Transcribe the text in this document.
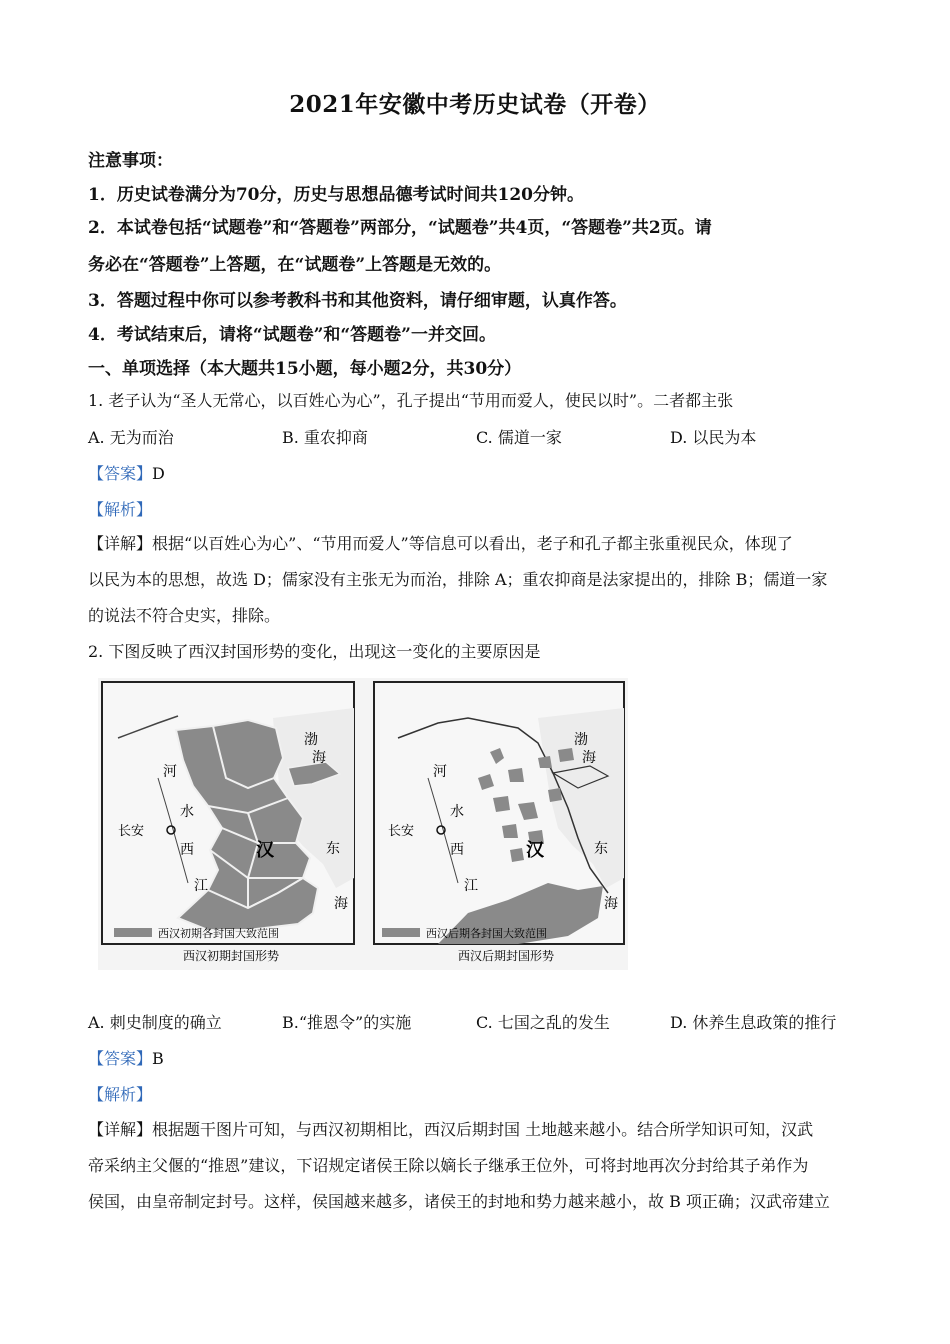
2021年安徽中考历史试卷（开卷）
注意事项：
1．历史试卷满分为70分，历史与思想品德考试时间共120分钟。
2．本试卷包括“试题卷”和“答题卷”两部分，“试题卷”共4页，“答题卷”共2页。请
务必在“答题卷”上答题，在“试题卷”上答题是无效的。
3．答题过程中你可以参考教科书和其他资料，请仔细审题，认真作答。
4．考试结束后，请将“试题卷”和“答题卷”一并交回。
一、单项选择（本大题共15小题，每小题2分，共30分）
1. 老子认为“圣人无常心，以百姓心为心”，孔子提出“节用而爱人，使民以时”。二者都主张
A. 无为而治	B. 重农抑商	C. 儒道一家	D. 以民为本
【答案】D
【解析】
【详解】根据“以百姓心为心”、“节用而爱人”等信息可以看出，老子和孔子都主张重视民众，体现了
以民为本的思想，故选 D；儒家没有主张无为而治，排除 A；重农抑商是法家提出的，排除 B；儒道一家
的说法不符合史实，排除。
2. 下图反映了西汉封国形势的变化，出现这一变化的主要原因是
长安
河
水
西	汉
江
东
海
渤
海
西汉初期各封国大致范围
西汉初期封国形势
长安
河
水
西	汉
江
东
海
渤
海
西汉后期各封国大致范围
西汉后期封国形势
A. 刺史制度的确立	B.“推恩令”的实施	C. 七国之乱的发生	D. 休养生息政策的推行
【答案】B
【解析】
【详解】根据题干图片可知，与西汉初期相比，西汉后期封国 土地越来越小。结合所学知识可知，汉武
帝采纳主父偃的“推恩”建议，下诏规定诸侯王除以嫡长子继承王位外，可将封地再次分封给其子弟作为
侯国，由皇帝制定封号。这样，侯国越来越多，诸侯王的封地和势力越来越小，故 B 项正确；汉武帝建立
